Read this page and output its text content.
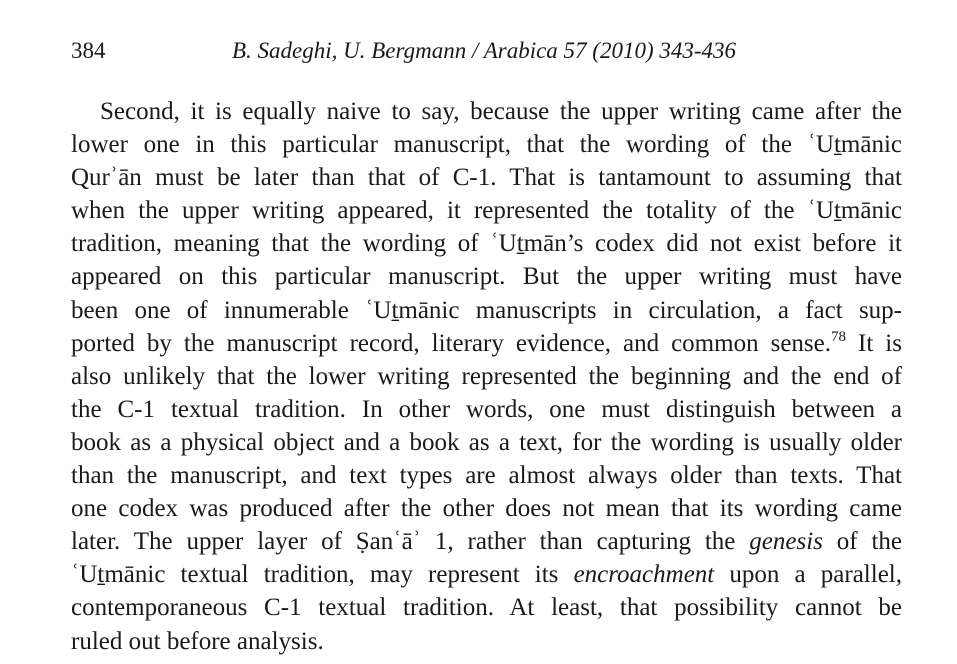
384	B. Sadeghi, U. Bergmann / Arabica 57 (2010) 343-436
Second, it is equally naive to say, because the upper writing came after the
lower one in this particular manuscript, that the wording of the ʿUṯmānic
Qurʾān must be later than that of C-1. That is tantamount to assuming that
when the upper writing appeared, it represented the totality of the ʿUṯmānic
tradition, meaning that the wording of ʿUṯmān’s codex did not exist before it
appeared on this particular manuscript. But the upper writing must have
been one of innumerable ʿUṯmānic manuscripts in circulation, a fact sup-
ported by the manuscript record, literary evidence, and common sense.$^{78}$ It is
also unlikely that the lower writing represented the beginning and the end of
the C-1 textual tradition. In other words, one must distinguish between a
book as a physical object and a book as a text, for the wording is usually older
than the manuscript, and text types are almost always older than texts. That
one codex was produced after the other does not mean that its wording came
later. The upper layer of Ṣanʿāʾ 1, rather than capturing the genesis of the
ʿUṯmānic textual tradition, may represent its encroachment upon a parallel,
contemporaneous C-1 textual tradition. At least, that possibility cannot be
ruled out before analysis.
